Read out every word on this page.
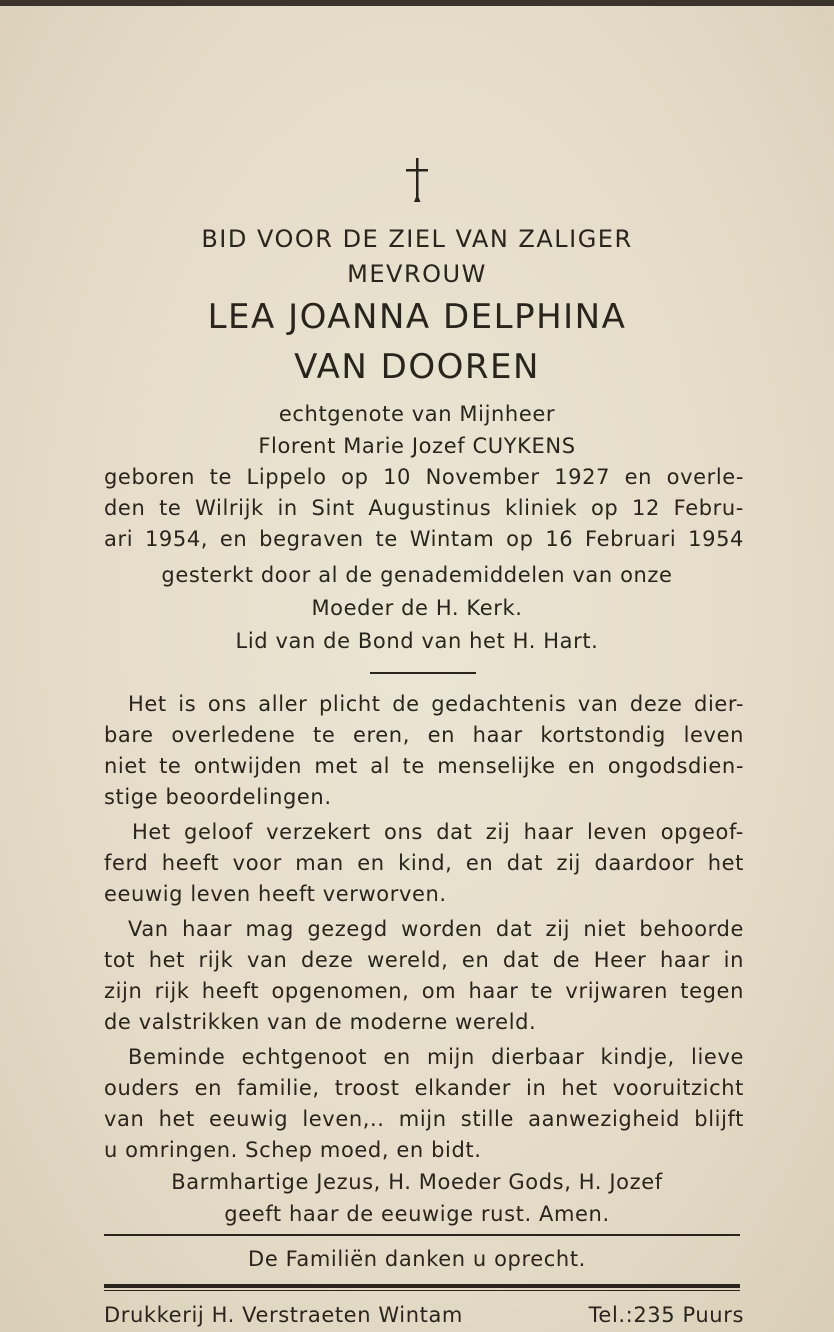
BID VOOR DE ZIEL VAN ZALIGER
MEVROUW
LEA JOANNA DELPHINA
VAN DOOREN
echtgenote van Mijnheer
Florent Marie Jozef CUYKENS
geboren te Lippelo op 10 November 1927 en overle-
den te Wilrijk in Sint Augustinus kliniek op 12 Febru-
ari 1954, en begraven te Wintam op 16 Februari 1954
gesterkt door al de genademiddelen van onze
Moeder de H. Kerk.
Lid van de Bond van het H. Hart.
Het is ons aller plicht de gedachtenis van deze dier-
bare overledene te eren, en haar kortstondig leven
niet te ontwijden met al te menselijke en ongodsdien-
stige beoordelingen.
Het geloof verzekert ons dat zij haar leven opgeof-
ferd heeft voor man en kind, en dat zij daardoor het
eeuwig leven heeft verworven.
Van haar mag gezegd worden dat zij niet behoorde
tot het rijk van deze wereld, en dat de Heer haar in
zijn rijk heeft opgenomen, om haar te vrijwaren tegen
de valstrikken van de moderne wereld.
Beminde echtgenoot en mijn dierbaar kindje, lieve
ouders en familie, troost elkander in het vooruitzicht
van het eeuwig leven,.. mijn stille aanwezigheid blijft
u omringen. Schep moed, en bidt.
Barmhartige Jezus, H. Moeder Gods, H. Jozef
geeft haar de eeuwige rust. Amen.
De Familiën danken u oprecht.
Drukkerij H. Verstraeten Wintam	Tel.:235 Puurs
